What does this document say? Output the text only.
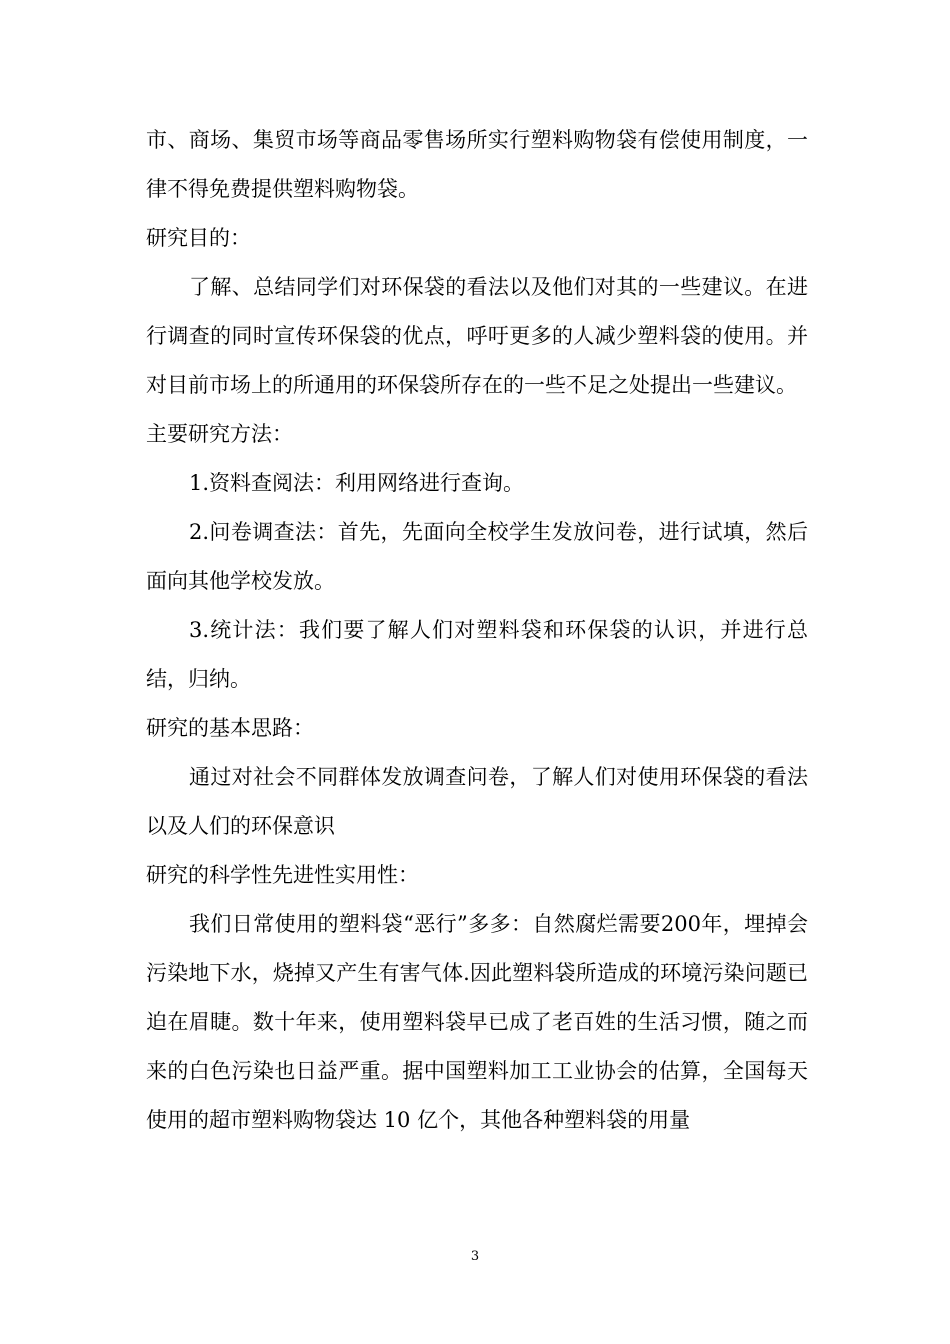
市、商场、集贸市场等商品零售场所实行塑料购物袋有偿使用制度，一律不得免费提供塑料购物袋。

研究目的：

了解、总结同学们对环保袋的看法以及他们对其的一些建议。在进行调查的同时宣传环保袋的优点，呼吁更多的人减少塑料袋的使用。并对目前市场上的所通用的环保袋所存在的一些不足之处提出一些建议。

主要研究方法：

1.资料查阅法：利用网络进行查询。

2.问卷调查法：首先，先面向全校学生发放问卷，进行试填，然后面向其他学校发放。

3.统计法：我们要了解人们对塑料袋和环保袋的认识，并进行总结，归纳。

研究的基本思路：

通过对社会不同群体发放调查问卷，了解人们对使用环保袋的看法以及人们的环保意识

研究的科学性先进性实用性：

我们日常使用的塑料袋“恶行”多多：自然腐烂需要200年，埋掉会污染地下水，烧掉又产生有害气体.因此塑料袋所造成的环境污染问题已迫在眉睫。数十年来，使用塑料袋早已成了老百姓的生活习惯，随之而来的白色污染也日益严重。据中国塑料加工工业协会的估算，全国每天使用的超市塑料购物袋达 10 亿个，其他各种塑料袋的用量

3
